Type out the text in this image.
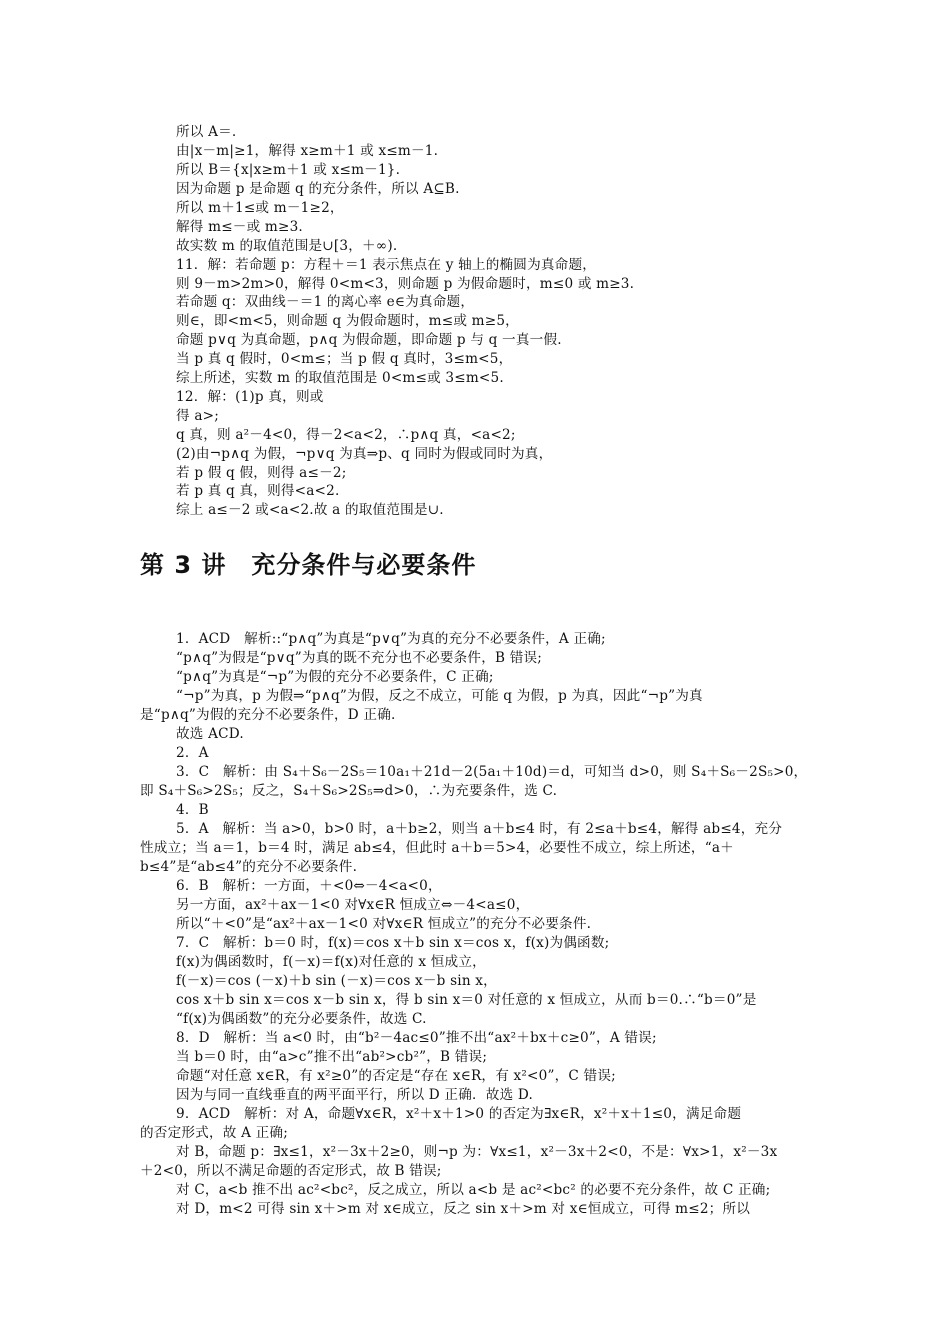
所以 A＝.
由|x－m|≥1，解得 x≥m＋1 或 x≤m－1.
所以 B＝{x|x≥m＋1 或 x≤m－1}.
因为命题 p 是命题 q 的充分条件，所以 A⊆B.
所以 m＋1≤或 m－1≥2，
解得 m≤－或 m≥3.
故实数 m 的取值范围是∪[3，＋∞).
11．解：若命题 p：方程＋＝1 表示焦点在 y 轴上的椭圆为真命题，
则 9－m>2m>0，解得 0<m<3，则命题 p 为假命题时，m≤0 或 m≥3.
若命题 q：双曲线－＝1 的离心率 e∈为真命题，
则∈，即<m<5，则命题 q 为假命题时，m≤或 m≥5，
命题 p∨q 为真命题，p∧q 为假命题，即命题 p 与 q 一真一假.
当 p 真 q 假时，0<m≤；当 p 假 q 真时，3≤m<5，
综上所述，实数 m 的取值范围是 0<m≤或 3≤m<5.
12．解：(1)p 真，则或
得 a>;
q 真，则 a²－4<0，得－2<a<2，∴p∧q 真，<a<2;
(2)由¬p∧q 为假，¬p∨q 为真⇒p、q 同时为假或同时为真，
若 p 假 q 假，则得 a≤－2;
若 p 真 q 真，则得<a<2.
综上 a≤－2 或<a<2.故 a 的取值范围是∪.
第 3 讲　充分条件与必要条件
1．ACD　解析::“p∧q”为真是“p∨q”为真的充分不必要条件，A 正确;
“p∧q”为假是“p∨q”为真的既不充分也不必要条件，B 错误;
“p∧q”为真是“¬p”为假的充分不必要条件，C 正确;
“¬p”为真，p 为假⇒“p∧q”为假，反之不成立，可能 q 为假，p 为真，因此“¬p”为真
是“p∧q”为假的充分不必要条件，D 正确.
故选 ACD.
2．A
3．C　解析：由 S₄＋S₆－2S₅＝10a₁＋21d－2(5a₁＋10d)＝d，可知当 d>0，则 S₄＋S₆－2S₅>0，
即 S₄＋S₆>2S₅；反之，S₄＋S₆>2S₅⇒d>0，∴为充要条件，选 C.
4．B
5．A　解析：当 a>0，b>0 时，a＋b≥2，则当 a＋b≤4 时，有 2≤a＋b≤4，解得 ab≤4，充分
性成立；当 a＝1，b＝4 时，满足 ab≤4，但此时 a＋b＝5>4，必要性不成立，综上所述，“a＋
b≤4”是“ab≤4”的充分不必要条件.
6．B　解析：一方面，＋<0⇔－4<a<0，
另一方面，ax²＋ax－1<0 对∀x∈R 恒成立⇔－4<a≤0，
所以“＋<0”是“ax²＋ax－1<0 对∀x∈R 恒成立”的充分不必要条件.
7．C　解析：b＝0 时，f(x)＝cos x＋b sin x＝cos x，f(x)为偶函数;
f(x)为偶函数时，f(－x)＝f(x)对任意的 x 恒成立，
f(－x)＝cos (－x)＋b sin (－x)＝cos x－b sin x，
cos x＋b sin x＝cos x－b sin x，得 b sin x＝0 对任意的 x 恒成立，从而 b＝0.∴“b＝0”是
“f(x)为偶函数”的充分必要条件，故选 C.
8．D　解析：当 a<0 时，由“b²－4ac≤0”推不出“ax²＋bx＋c≥0”，A 错误;
当 b＝0 时，由“a>c”推不出“ab²>cb²”，B 错误;
命题“对任意 x∈R，有 x²≥0”的否定是“存在 x∈R，有 x²<0”，C 错误;
因为与同一直线垂直的两平面平行，所以 D 正确．故选 D.
9．ACD　解析：对 A，命题∀x∈R，x²＋x＋1>0 的否定为∃x∈R，x²＋x＋1≤0，满足命题
的否定形式，故 A 正确;
对 B，命题 p：∃x≤1，x²－3x＋2≥0，则¬p 为：∀x≤1，x²－3x＋2<0，不是：∀x>1，x²－3x
＋2<0，所以不满足命题的否定形式，故 B 错误;
对 C，a<b 推不出 ac²<bc²，反之成立，所以 a<b 是 ac²<bc² 的必要不充分条件，故 C 正确;
对 D，m<2 可得 sin x＋>m 对 x∈成立，反之 sin x＋>m 对 x∈恒成立，可得 m≤2；所以
